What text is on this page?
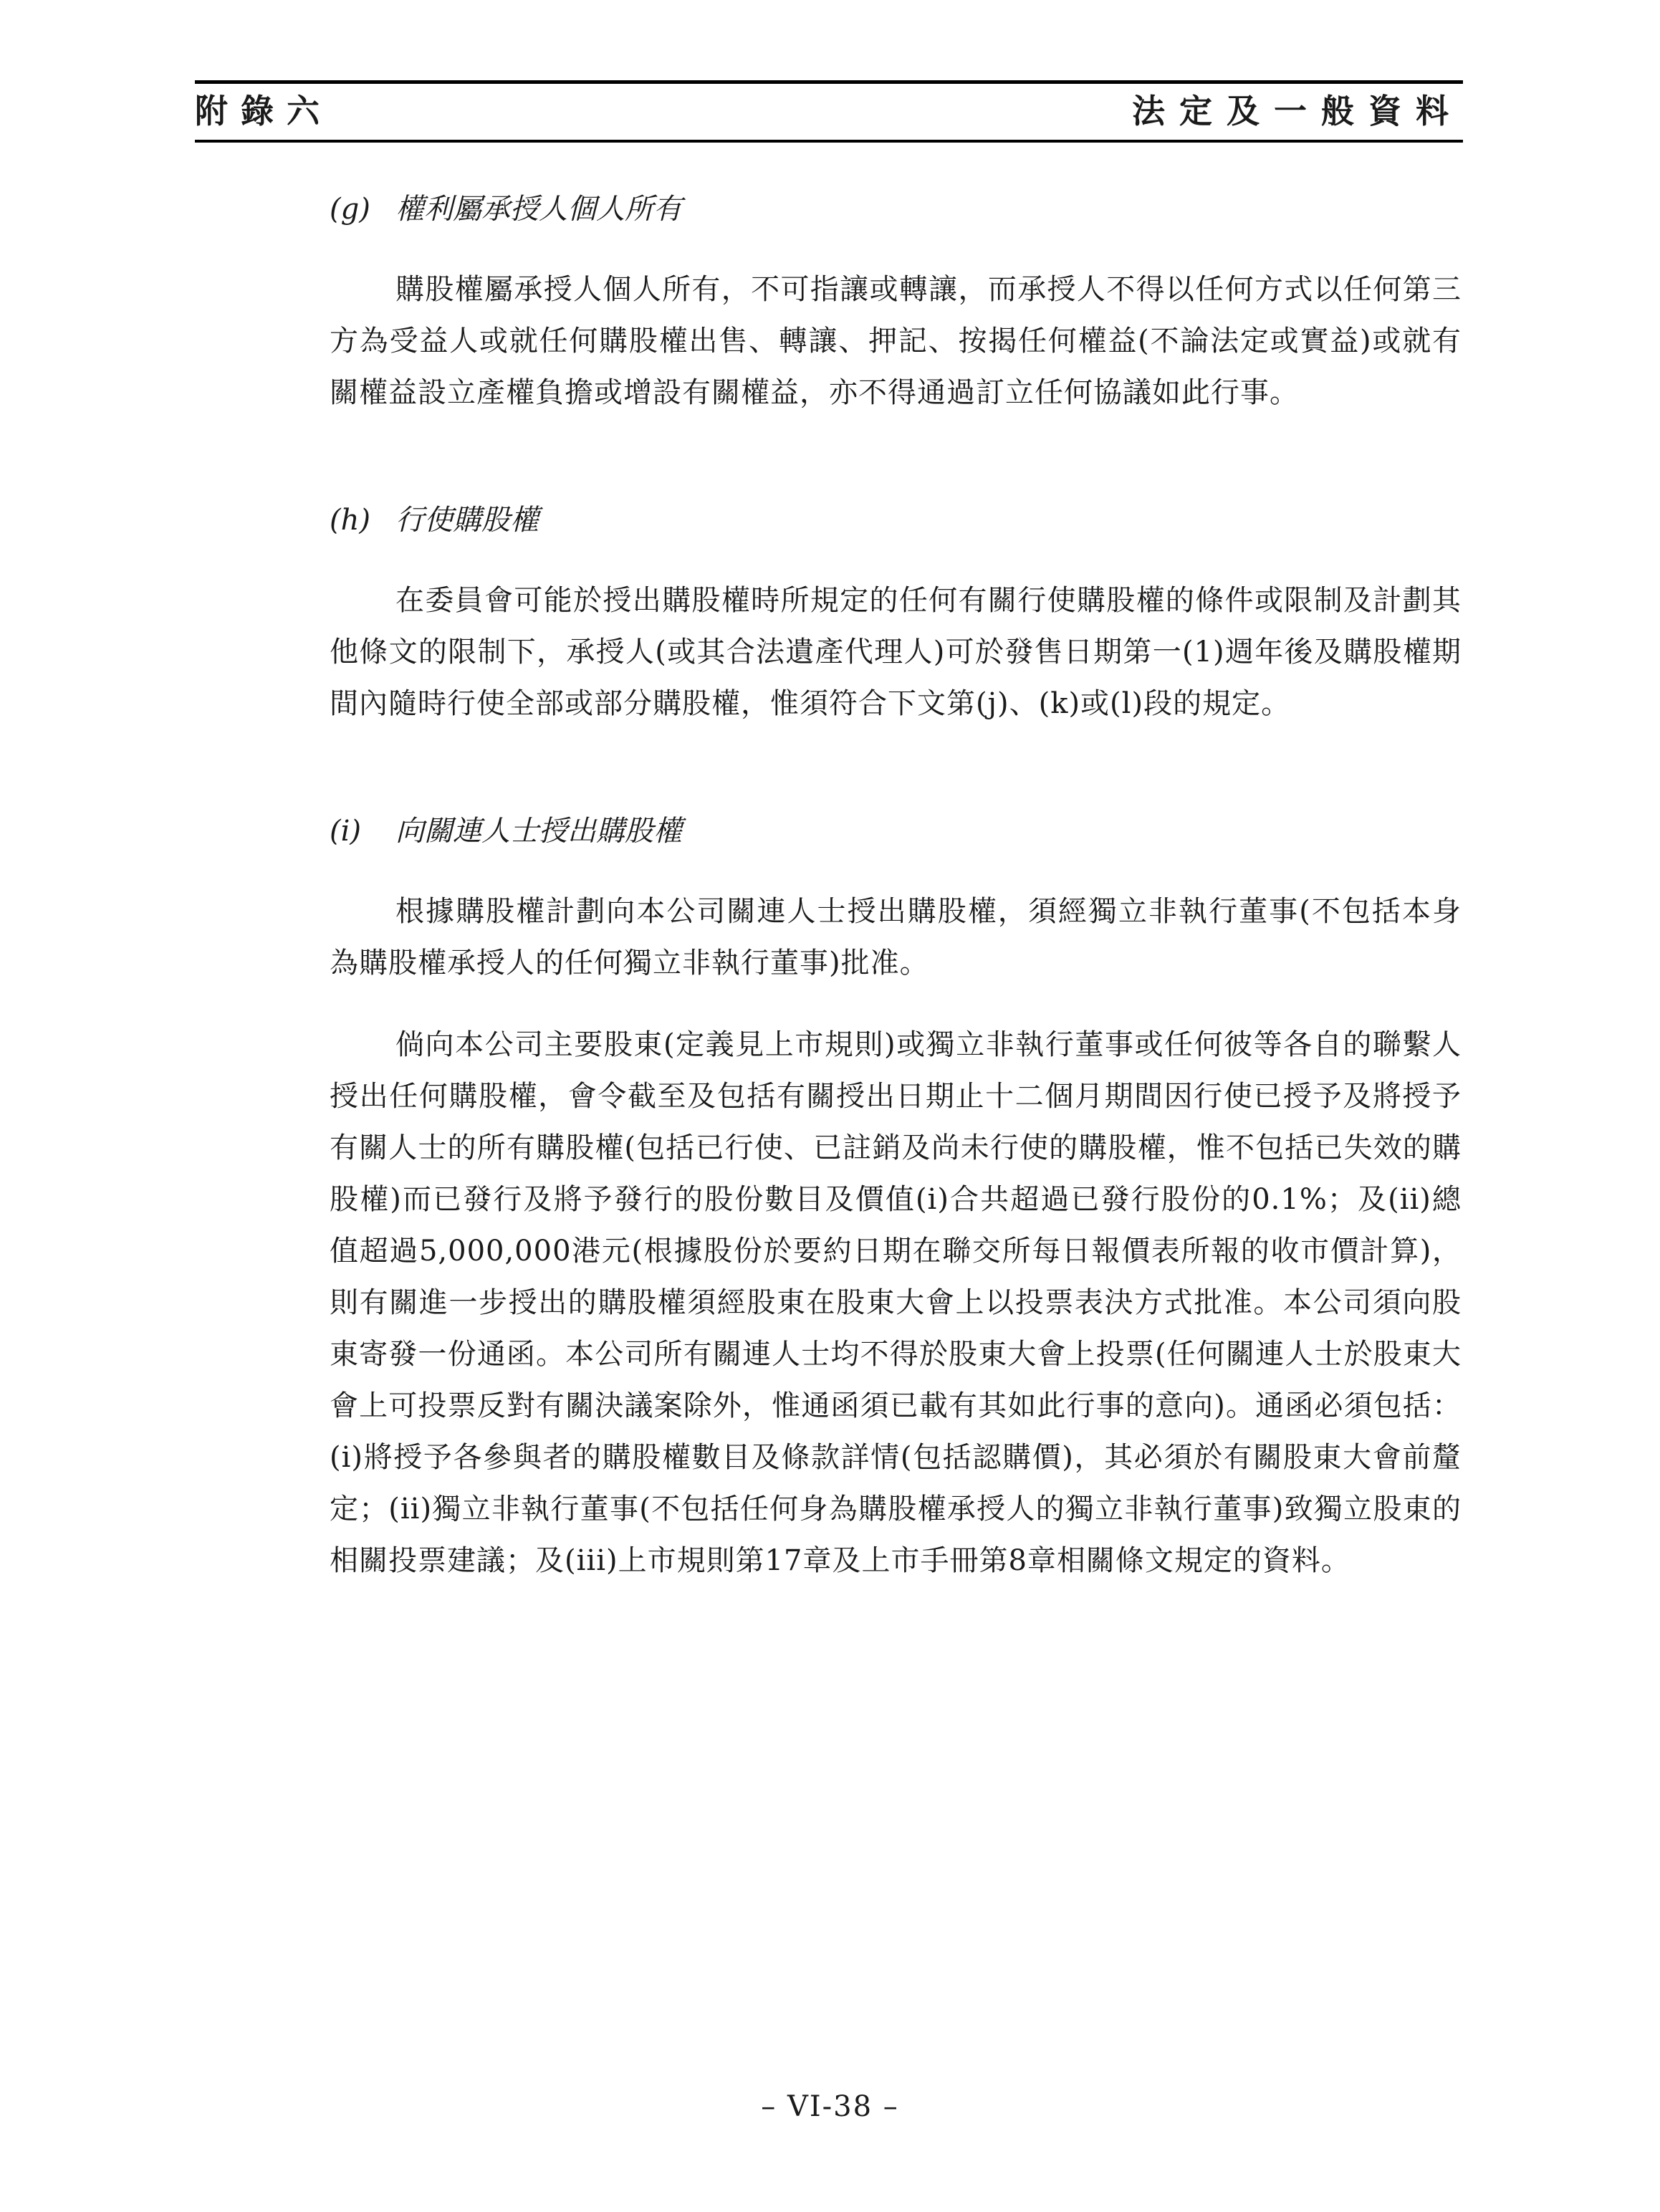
附錄六	法定及一般資料
(g) 權利屬承授人個人所有

購股權屬承授人個人所有，不可指讓或轉讓，而承授人不得以任何方式以任何第三方為受益人或就任何購股權出售、轉讓、押記、按揭任何權益(不論法定或實益)或就有關權益設立產權負擔或增設有關權益，亦不得通過訂立任何協議如此行事。

(h) 行使購股權

在委員會可能於授出購股權時所規定的任何有關行使購股權的條件或限制及計劃其他條文的限制下，承授人(或其合法遺產代理人)可於發售日期第一(1)週年後及購股權期間內隨時行使全部或部分購股權，惟須符合下文第(j)、(k)或(l)段的規定。

(i) 向關連人士授出購股權

根據購股權計劃向本公司關連人士授出購股權，須經獨立非執行董事(不包括本身為購股權承授人的任何獨立非執行董事)批准。

倘向本公司主要股東(定義見上市規則)或獨立非執行董事或任何彼等各自的聯繫人授出任何購股權，會令截至及包括有關授出日期止十二個月期間因行使已授予及將授予有關人士的所有購股權(包括已行使、已註銷及尚未行使的購股權，惟不包括已失效的購股權)而已發行及將予發行的股份數目及價值(i)合共超過已發行股份的0.1%；及(ii)總值超過5,000,000港元(根據股份於要約日期在聯交所每日報價表所報的收市價計算)，則有關進一步授出的購股權須經股東在股東大會上以投票表決方式批准。本公司須向股東寄發一份通函。本公司所有關連人士均不得於股東大會上投票(任何關連人士於股東大會上可投票反對有關決議案除外，惟通函須已載有其如此行事的意向)。通函必須包括：(i)將授予各參與者的購股權數目及條款詳情(包括認購價)，其必須於有關股東大會前釐定；(ii)獨立非執行董事(不包括任何身為購股權承授人的獨立非執行董事)致獨立股東的相關投票建議；及(iii)上市規則第17章及上市手冊第8章相關條文規定的資料。

– VI-38 –
